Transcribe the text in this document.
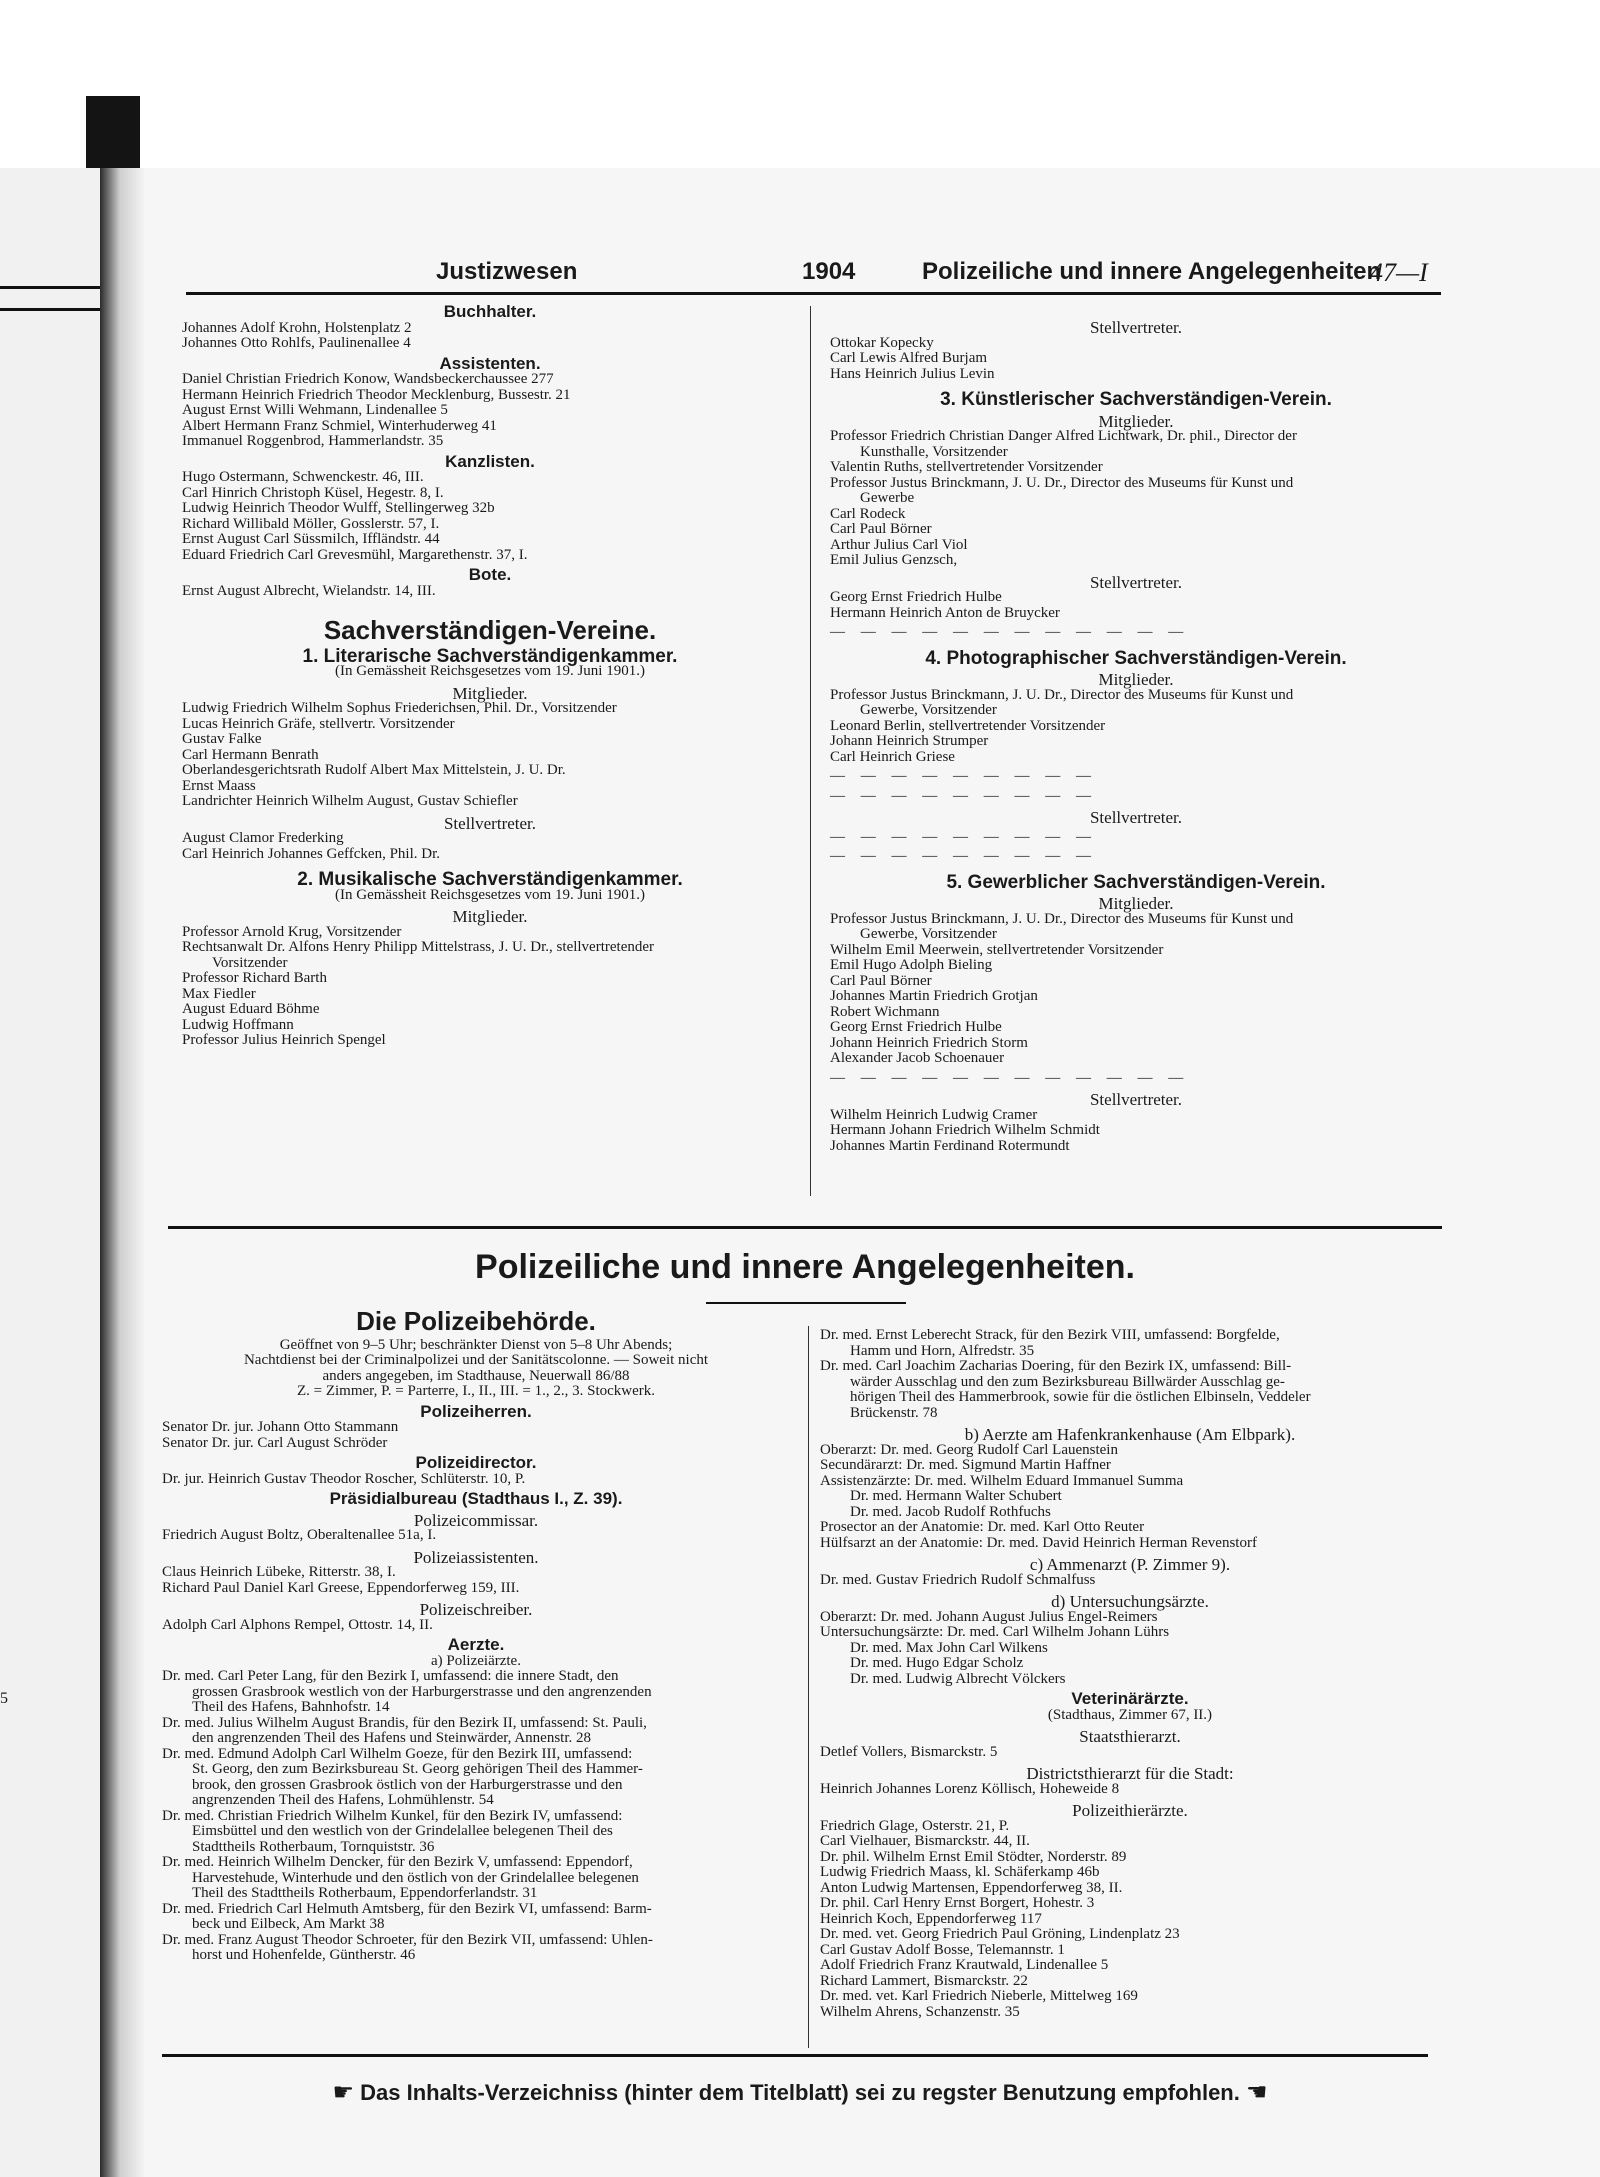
5
Justizwesen	1904	Polizeiliche und innere Angelegenheiten
47—I
Buchhalter.
Johannes Adolf Krohn, Holstenplatz 2
Johannes Otto Rohlfs, Paulinenallee 4
Assistenten.
Daniel Christian Friedrich Konow, Wandsbeckerchaussee 277
Hermann Heinrich Friedrich Theodor Mecklenburg, Bussestr. 21
August Ernst Willi Wehmann, Lindenallee 5
Albert Hermann Franz Schmiel, Winterhuderweg 41
Immanuel Roggenbrod, Hammerlandstr. 35
Kanzlisten.
Hugo Ostermann, Schwenckestr. 46, III.
Carl Hinrich Christoph Küsel, Hegestr. 8, I.
Ludwig Heinrich Theodor Wulff, Stellingerweg 32b
Richard Willibald Möller, Gosslerstr. 57, I.
Ernst August Carl Süssmilch, Iffländstr. 44
Eduard Friedrich Carl Grevesmühl, Margarethenstr. 37, I.
Bote.
Ernst August Albrecht, Wielandstr. 14, III.
Sachverständigen-Vereine.
1. Literarische Sachverständigenkammer.
(In Gemässheit Reichsgesetzes vom 19. Juni 1901.)
Mitglieder.
Ludwig Friedrich Wilhelm Sophus Friederichsen, Phil. Dr., Vorsitzender
Lucas Heinrich Gräfe, stellvertr. Vorsitzender
Gustav Falke
Carl Hermann Benrath
Oberlandesgerichtsrath Rudolf Albert Max Mittelstein, J. U. Dr.
Ernst Maass
Landrichter Heinrich Wilhelm August, Gustav Schiefler
Stellvertreter.
August Clamor Frederking
Carl Heinrich Johannes Geffcken, Phil. Dr.
2. Musikalische Sachverständigenkammer.
(In Gemässheit Reichsgesetzes vom 19. Juni 1901.)
Mitglieder.
Professor Arnold Krug, Vorsitzender
Rechtsanwalt Dr. Alfons Henry Philipp Mittelstrass, J. U. Dr., stellvertretender
Vorsitzender
Professor Richard Barth
Max Fiedler
August Eduard Böhme
Ludwig Hoffmann
Professor Julius Heinrich Spengel
Stellvertreter.
Ottokar Kopecky
Carl Lewis Alfred Burjam
Hans Heinrich Julius Levin
3. Künstlerischer Sachverständigen-Verein.
Mitglieder.
Professor Friedrich Christian Danger Alfred Lichtwark, Dr. phil., Director der
Kunsthalle, Vorsitzender
Valentin Ruths, stellvertretender Vorsitzender
Professor Justus Brinckmann, J. U. Dr., Director des Museums für Kunst und
Gewerbe
Carl Rodeck
Carl Paul Börner
Arthur Julius Carl Viol
Emil Julius Genzsch,
Stellvertreter.
Georg Ernst Friedrich Hulbe
Hermann Heinrich Anton de Bruycker
— — — — — — — — — — — —
4. Photographischer Sachverständigen-Verein.
Mitglieder.
Professor Justus Brinckmann, J. U. Dr., Director des Museums für Kunst und
Gewerbe, Vorsitzender
Leonard Berlin, stellvertretender Vorsitzender
Johann Heinrich Strumper
Carl Heinrich Griese
— — — — — — — — —
— — — — — — — — —
Stellvertreter.
— — — — — — — — —
— — — — — — — — —
5. Gewerblicher Sachverständigen-Verein.
Mitglieder.
Professor Justus Brinckmann, J. U. Dr., Director des Museums für Kunst und
Gewerbe, Vorsitzender
Wilhelm Emil Meerwein, stellvertretender Vorsitzender
Emil Hugo Adolph Bieling
Carl Paul Börner
Johannes Martin Friedrich Grotjan
Robert Wichmann
Georg Ernst Friedrich Hulbe
Johann Heinrich Friedrich Storm
Alexander Jacob Schoenauer
— — — — — — — — — — — —
Stellvertreter.
Wilhelm Heinrich Ludwig Cramer
Hermann Johann Friedrich Wilhelm Schmidt
Johannes Martin Ferdinand Rotermundt
Polizeiliche und innere Angelegenheiten.
Die Polizeibehörde.
Geöffnet von 9–5 Uhr; beschränkter Dienst von 5–8 Uhr Abends;
Nachtdienst bei der Criminalpolizei und der Sanitätscolonne. — Soweit nicht
anders angegeben, im Stadthause, Neuerwall 86/88
Z. = Zimmer, P. = Parterre, I., II., III. = 1., 2., 3. Stockwerk.
Polizeiherren.
Senator Dr. jur. Johann Otto Stammann
Senator Dr. jur. Carl August Schröder
Polizeidirector.
Dr. jur. Heinrich Gustav Theodor Roscher, Schlüterstr. 10, P.
Präsidialbureau (Stadthaus I., Z. 39).
Polizeicommissar.
Friedrich August Boltz, Oberaltenallee 51a, I.
Polizeiassistenten.
Claus Heinrich Lübeke, Ritterstr. 38, I.
Richard Paul Daniel Karl Greese, Eppendorferweg 159, III.
Polizeischreiber.
Adolph Carl Alphons Rempel, Ottostr. 14, II.
Aerzte.
a) Polizeiärzte.
Dr. med. Carl Peter Lang, für den Bezirk I, umfassend: die innere Stadt, den
grossen Grasbrook westlich von der Harburgerstrasse und den angrenzenden
Theil des Hafens, Bahnhofstr. 14
Dr. med. Julius Wilhelm August Brandis, für den Bezirk II, umfassend: St. Pauli,
den angrenzenden Theil des Hafens und Steinwärder, Annenstr. 28
Dr. med. Edmund Adolph Carl Wilhelm Goeze, für den Bezirk III, umfassend:
St. Georg, den zum Bezirksbureau St. Georg gehörigen Theil des Hammer-
brook, den grossen Grasbrook östlich von der Harburgerstrasse und den
angrenzenden Theil des Hafens, Lohmühlenstr. 54
Dr. med. Christian Friedrich Wilhelm Kunkel, für den Bezirk IV, umfassend:
Eimsbüttel und den westlich von der Grindelallee belegenen Theil des
Stadttheils Rotherbaum, Tornquiststr. 36
Dr. med. Heinrich Wilhelm Dencker, für den Bezirk V, umfassend: Eppendorf,
Harvestehude, Winterhude und den östlich von der Grindelallee belegenen
Theil des Stadttheils Rotherbaum, Eppendorferlandstr. 31
Dr. med. Friedrich Carl Helmuth Amtsberg, für den Bezirk VI, umfassend: Barm-
beck und Eilbeck, Am Markt 38
Dr. med. Franz August Theodor Schroeter, für den Bezirk VII, umfassend: Uhlen-
horst und Hohenfelde, Güntherstr. 46
Dr. med. Ernst Leberecht Strack, für den Bezirk VIII, umfassend: Borgfelde,
Hamm und Horn, Alfredstr. 35
Dr. med. Carl Joachim Zacharias Doering, für den Bezirk IX, umfassend: Bill-
wärder Ausschlag und den zum Bezirksbureau Billwärder Ausschlag ge-
hörigen Theil des Hammerbrook, sowie für die östlichen Elbinseln, Veddeler
Brückenstr. 78
b) Aerzte am Hafenkrankenhause (Am Elbpark).
Oberarzt: Dr. med. Georg Rudolf Carl Lauenstein
Secundärarzt: Dr. med. Sigmund Martin Haffner
Assistenzärzte: Dr. med. Wilhelm Eduard Immanuel Summa
Dr. med. Hermann Walter Schubert
Dr. med. Jacob Rudolf Rothfuchs
Prosector an der Anatomie: Dr. med. Karl Otto Reuter
Hülfsarzt an der Anatomie: Dr. med. David Heinrich Herman Revenstorf
c) Ammenarzt (P. Zimmer 9).
Dr. med. Gustav Friedrich Rudolf Schmalfuss
d) Untersuchungsärzte.
Oberarzt: Dr. med. Johann August Julius Engel-Reimers
Untersuchungsärzte: Dr. med. Carl Wilhelm Johann Lührs
Dr. med. Max John Carl Wilkens
Dr. med. Hugo Edgar Scholz
Dr. med. Ludwig Albrecht Völckers
Veterinärärzte.
(Stadthaus, Zimmer 67, II.)
Staatsthierarzt.
Detlef Vollers, Bismarckstr. 5
Districtsthierarzt für die Stadt:
Heinrich Johannes Lorenz Köllisch, Hoheweide 8
Polizeithierärzte.
Friedrich Glage, Osterstr. 21, P.
Carl Vielhauer, Bismarckstr. 44, II.
Dr. phil. Wilhelm Ernst Emil Stödter, Norderstr. 89
Ludwig Friedrich Maass, kl. Schäferkamp 46b
Anton Ludwig Martensen, Eppendorferweg 38, II.
Dr. phil. Carl Henry Ernst Borgert, Hohestr. 3
Heinrich Koch, Eppendorferweg 117
Dr. med. vet. Georg Friedrich Paul Gröning, Lindenplatz 23
Carl Gustav Adolf Bosse, Telemannstr. 1
Adolf Friedrich Franz Krautwald, Lindenallee 5
Richard Lammert, Bismarckstr. 22
Dr. med. vet. Karl Friedrich Nieberle, Mittelweg 169
Wilhelm Ahrens, Schanzenstr. 35
☛ Das Inhalts-Verzeichniss (hinter dem Titelblatt) sei zu regster Benutzung empfohlen. ☚
